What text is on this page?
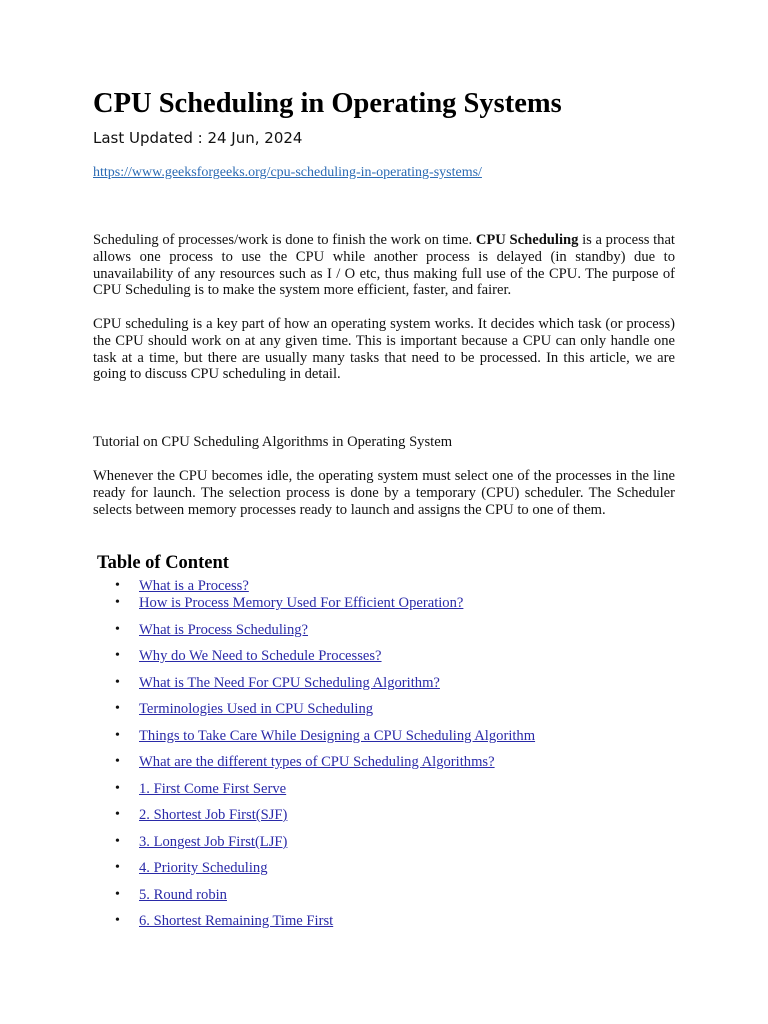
CPU Scheduling in Operating Systems
Last Updated : 24 Jun, 2024
https://www.geeksforgeeks.org/cpu-scheduling-in-operating-systems/

Scheduling of processes/work is done to finish the work on time. CPU Scheduling is a process that allows one process to use the CPU while another process is delayed (in standby) due to unavailability of any resources such as I / O etc, thus making full use of the CPU. The purpose of CPU Scheduling is to make the system more efficient, faster, and fairer.

CPU scheduling is a key part of how an operating system works. It decides which task (or process) the CPU should work on at any given time. This is important because a CPU can only handle one task at a time, but there are usually many tasks that need to be processed. In this article, we are going to discuss CPU scheduling in detail.

Tutorial on CPU Scheduling Algorithms in Operating System

Whenever the CPU becomes idle, the operating system must select one of the processes in the line ready for launch. The selection process is done by a temporary (CPU) scheduler. The Scheduler selects between memory processes ready to launch and assigns the CPU to one of them.

Table of Content
• What is a Process?
• How is Process Memory Used For Efficient Operation?
• What is Process Scheduling?
• Why do We Need to Schedule Processes?
• What is The Need For CPU Scheduling Algorithm?
• Terminologies Used in CPU Scheduling
• Things to Take Care While Designing a CPU Scheduling Algorithm
• What are the different types of CPU Scheduling Algorithms?
• 1. First Come First Serve
• 2. Shortest Job First(SJF)
• 3. Longest Job First(LJF)
• 4. Priority Scheduling
• 5. Round robin
• 6. Shortest Remaining Time First
